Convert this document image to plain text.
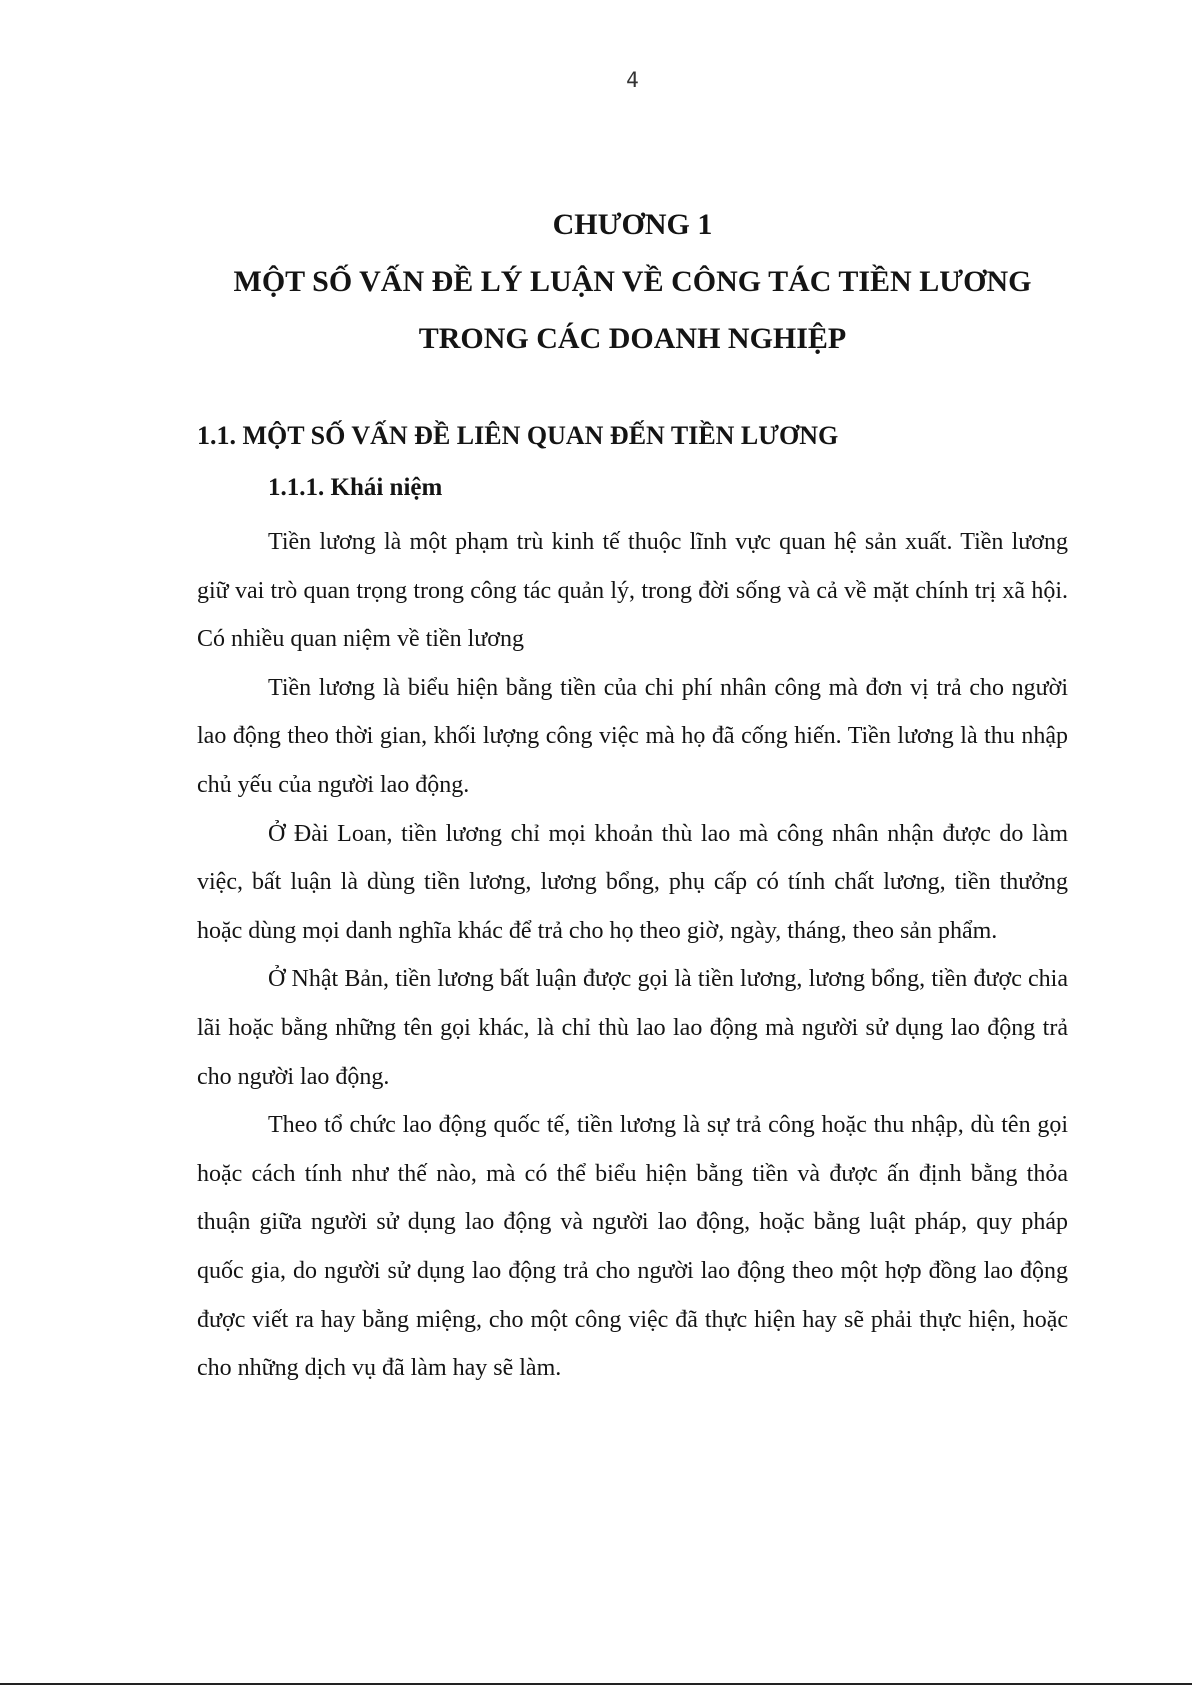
4
CHƯƠNG 1
MỘT SỐ VẤN ĐỀ LÝ LUẬN VỀ CÔNG TÁC TIỀN LƯƠNG
TRONG CÁC DOANH NGHIỆP
1.1. MỘT SỐ VẤN ĐỀ LIÊN QUAN ĐẾN TIỀN LƯƠNG
1.1.1. Khái niệm

Tiền lương là một phạm trù kinh tế thuộc lĩnh vực quan hệ sản xuất. Tiền lương giữ vai trò quan trọng trong công tác quản lý, trong đời sống và cả về mặt chính trị xã hội. Có nhiều quan niệm về tiền lương

Tiền lương là biểu hiện bằng tiền của chi phí nhân công mà đơn vị trả cho người lao động theo thời gian, khối lượng công việc mà họ đã cống hiến. Tiền lương là thu nhập chủ yếu của người lao động.

Ở Đài Loan, tiền lương chỉ mọi khoản thù lao mà công nhân nhận được do làm việc, bất luận là dùng tiền lương, lương bổng, phụ cấp có tính chất lương, tiền thưởng hoặc dùng mọi danh nghĩa khác để trả cho họ theo giờ, ngày, tháng, theo sản phẩm.

Ở Nhật Bản, tiền lương bất luận được gọi là tiền lương, lương bổng, tiền được chia lãi hoặc bằng những tên gọi khác, là chỉ thù lao lao động mà người sử dụng lao động trả cho người lao động.

Theo tổ chức lao động quốc tế, tiền lương là sự trả công hoặc thu nhập, dù tên gọi hoặc cách tính như thế nào, mà có thể biểu hiện bằng tiền và được ấn định bằng thỏa thuận giữa người sử dụng lao động và người lao động, hoặc bằng luật pháp, quy pháp quốc gia, do người sử dụng lao động trả cho người lao động theo một hợp đồng lao động được viết ra hay bằng miệng, cho một công việc đã thực hiện hay sẽ phải thực hiện, hoặc cho những dịch vụ đã làm hay sẽ làm.
